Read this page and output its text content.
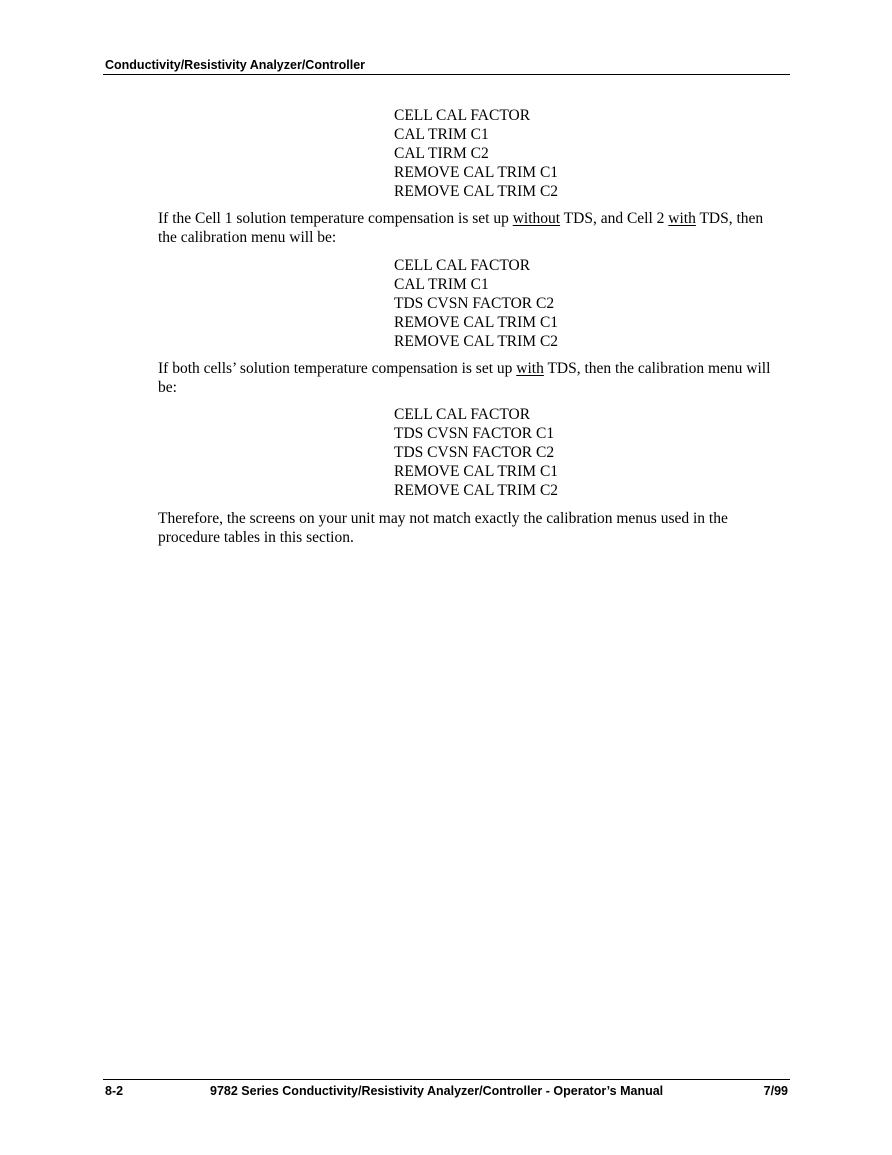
Conductivity/Resistivity Analyzer/Controller
CELL CAL FACTOR
CAL TRIM C1
CAL TIRM C2
REMOVE CAL TRIM C1
REMOVE CAL TRIM C2
If the Cell 1 solution temperature compensation is set up without TDS, and Cell 2 with TDS, then the calibration menu will be:
CELL CAL FACTOR
CAL TRIM C1
TDS CVSN FACTOR C2
REMOVE CAL TRIM C1
REMOVE CAL TRIM C2
If both cells’ solution temperature compensation is set up with TDS, then the calibration menu will be:
CELL CAL FACTOR
TDS CVSN FACTOR C1
TDS CVSN FACTOR C2
REMOVE CAL TRIM C1
REMOVE CAL TRIM C2
Therefore, the screens on your unit may not match exactly the calibration menus used in the procedure tables in this section.
8-2	9782 Series Conductivity/Resistivity Analyzer/Controller - Operator’s Manual	7/99
